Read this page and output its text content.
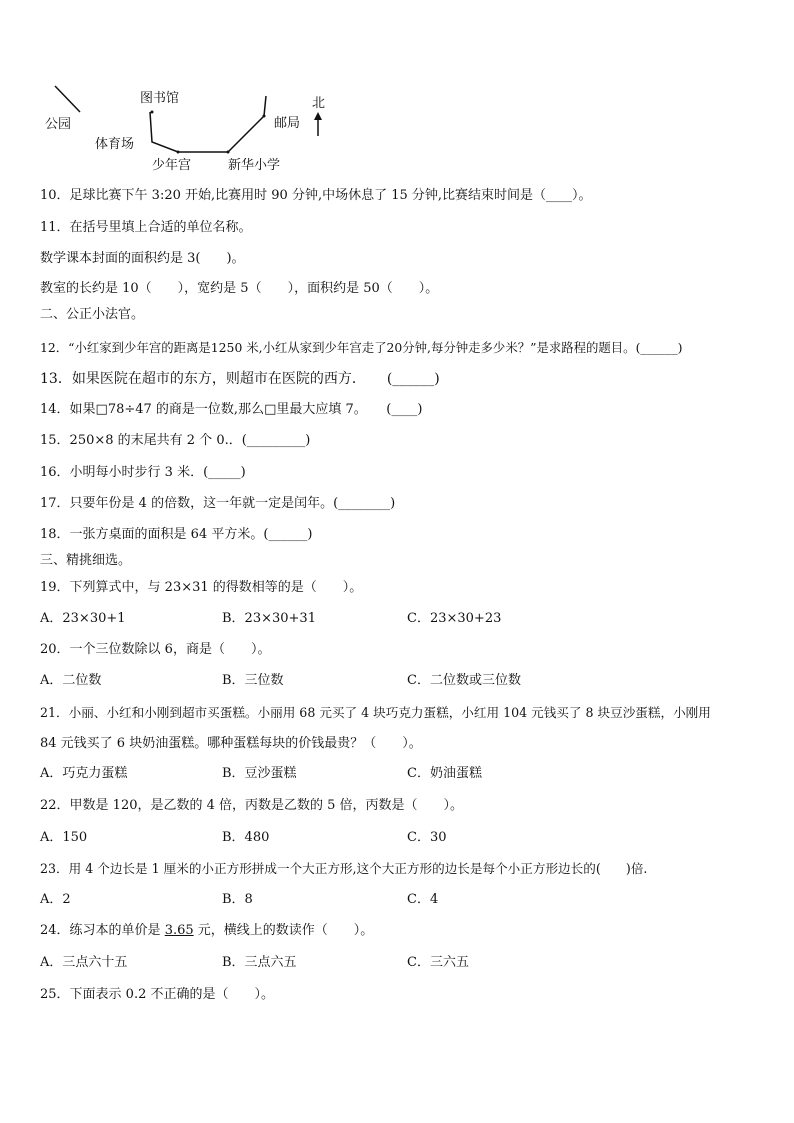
公园
图书馆
体育场
少年宫	新华小学
邮局
北
10．足球比赛下午 3:20 开始,比赛用时 90 分钟,中场休息了 15 分钟,比赛结束时间是（____）。
11．在括号里填上合适的单位名称。
数学课本封面的面积约是 3(　　)。
教室的长约是 10（　　），宽约是 5（　　），面积约是 50（　　）。
二、公正小法官。
12．“小红家到少年宫的距离是1250 米,小红从家到少年宫走了20分钟,每分钟走多少米？”是求路程的题目。(______)
13．如果医院在超市的东方，则超市在医院的西方．　　(______)
14．如果□78÷47 的商是一位数,那么□里最大应填 7。　　(____)
15．250×8 的末尾共有 2 个 0.．(_________)
16．小明每小时步行 3 米．(_____)
17．只要年份是 4 的倍数，这一年就一定是闰年。(________)
18．一张方桌面的面积是 64 平方米。(______)
三、精挑细选。
19．下列算式中，与 23×31 的得数相等的是（　　）。
A．23×30+1	B．23×30+31	C．23×30+23
20．一个三位数除以 6，商是（　　）。
A．二位数	B．三位数	C．二位数或三位数
21．小丽、小红和小刚到超市买蛋糕。小丽用 68 元买了 4 块巧克力蛋糕，小红用 104 元钱买了 8 块豆沙蛋糕，小刚用
84 元钱买了 6 块奶油蛋糕。哪种蛋糕每块的价钱最贵？（　　）。
A．巧克力蛋糕	B．豆沙蛋糕	C．奶油蛋糕
22．甲数是 120，是乙数的 4 倍，丙数是乙数的 5 倍，丙数是（　　）。
A．150	B．480	C．30
23．用 4 个边长是 1 厘米的小正方形拼成一个大正方形,这个大正方形的边长是每个小正方形边长的(　　)倍.
A．2	B．8	C．4
24．练习本的单价是 3.65 元，横线上的数读作（　　）。
A．三点六十五	B．三点六五	C．三六五
25．下面表示 0.2 不正确的是（　　）。
